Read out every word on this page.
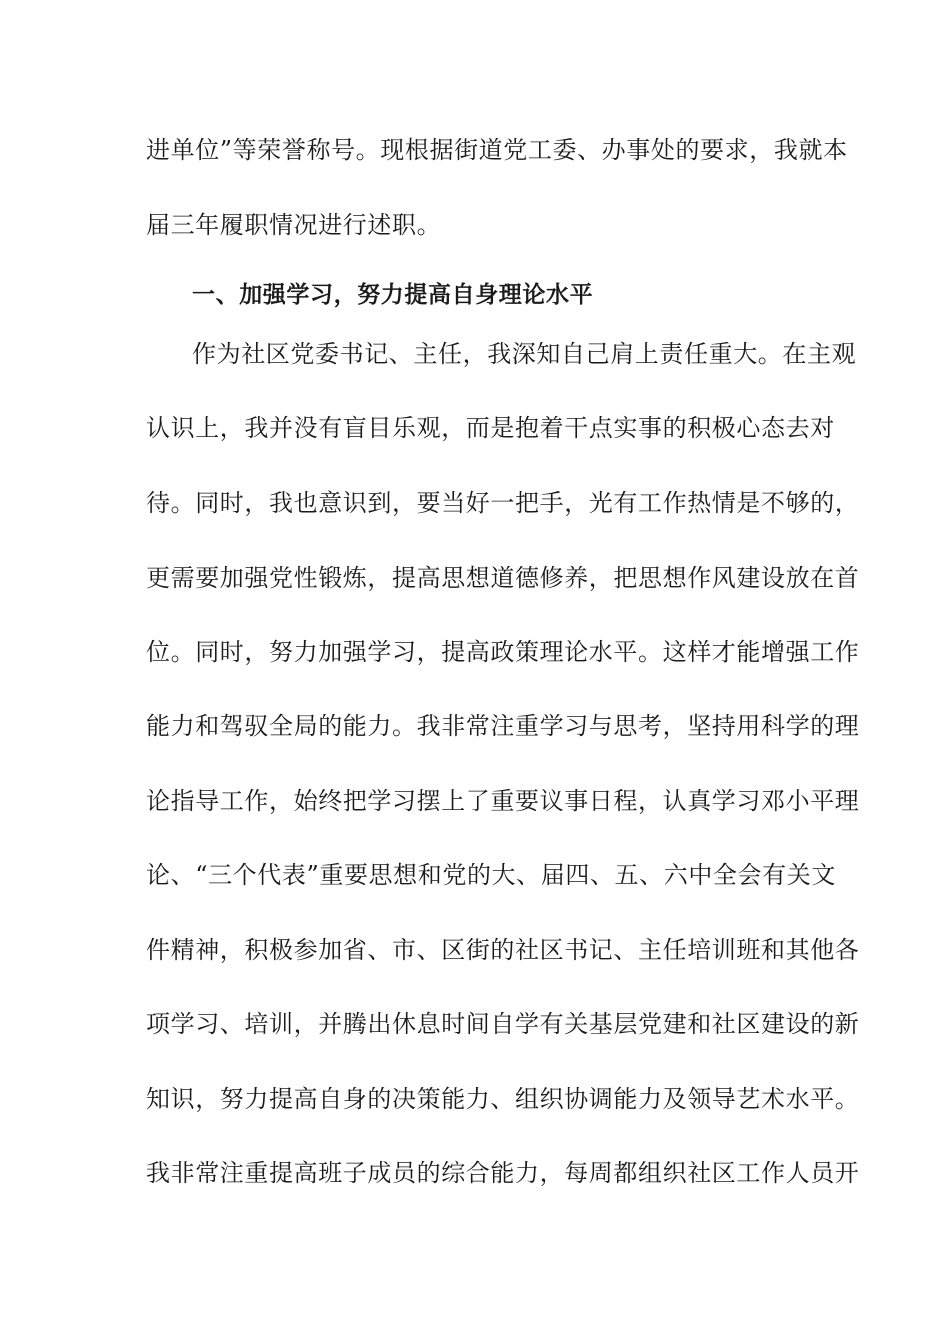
进单位”等荣誉称号。现根据街道党工委、办事处的要求，我就本
届三年履职情况进行述职。
一、加强学习，努力提高自身理论水平
作为社区党委书记、主任，我深知自己肩上责任重大。在主观
认识上，我并没有盲目乐观，而是抱着干点实事的积极心态去对
待。同时，我也意识到，要当好一把手，光有工作热情是不够的，
更需要加强党性锻炼，提高思想道德修养，把思想作风建设放在首
位。同时，努力加强学习，提高政策理论水平。这样才能增强工作
能力和驾驭全局的能力。我非常注重学习与思考，坚持用科学的理
论指导工作，始终把学习摆上了重要议事日程，认真学习邓小平理
论、“三个代表”重要思想和党的大、届四、五、六中全会有关文
件精神，积极参加省、市、区街的社区书记、主任培训班和其他各
项学习、培训，并腾出休息时间自学有关基层党建和社区建设的新
知识，努力提高自身的决策能力、组织协调能力及领导艺术水平。
我非常注重提高班子成员的综合能力，每周都组织社区工作人员开
